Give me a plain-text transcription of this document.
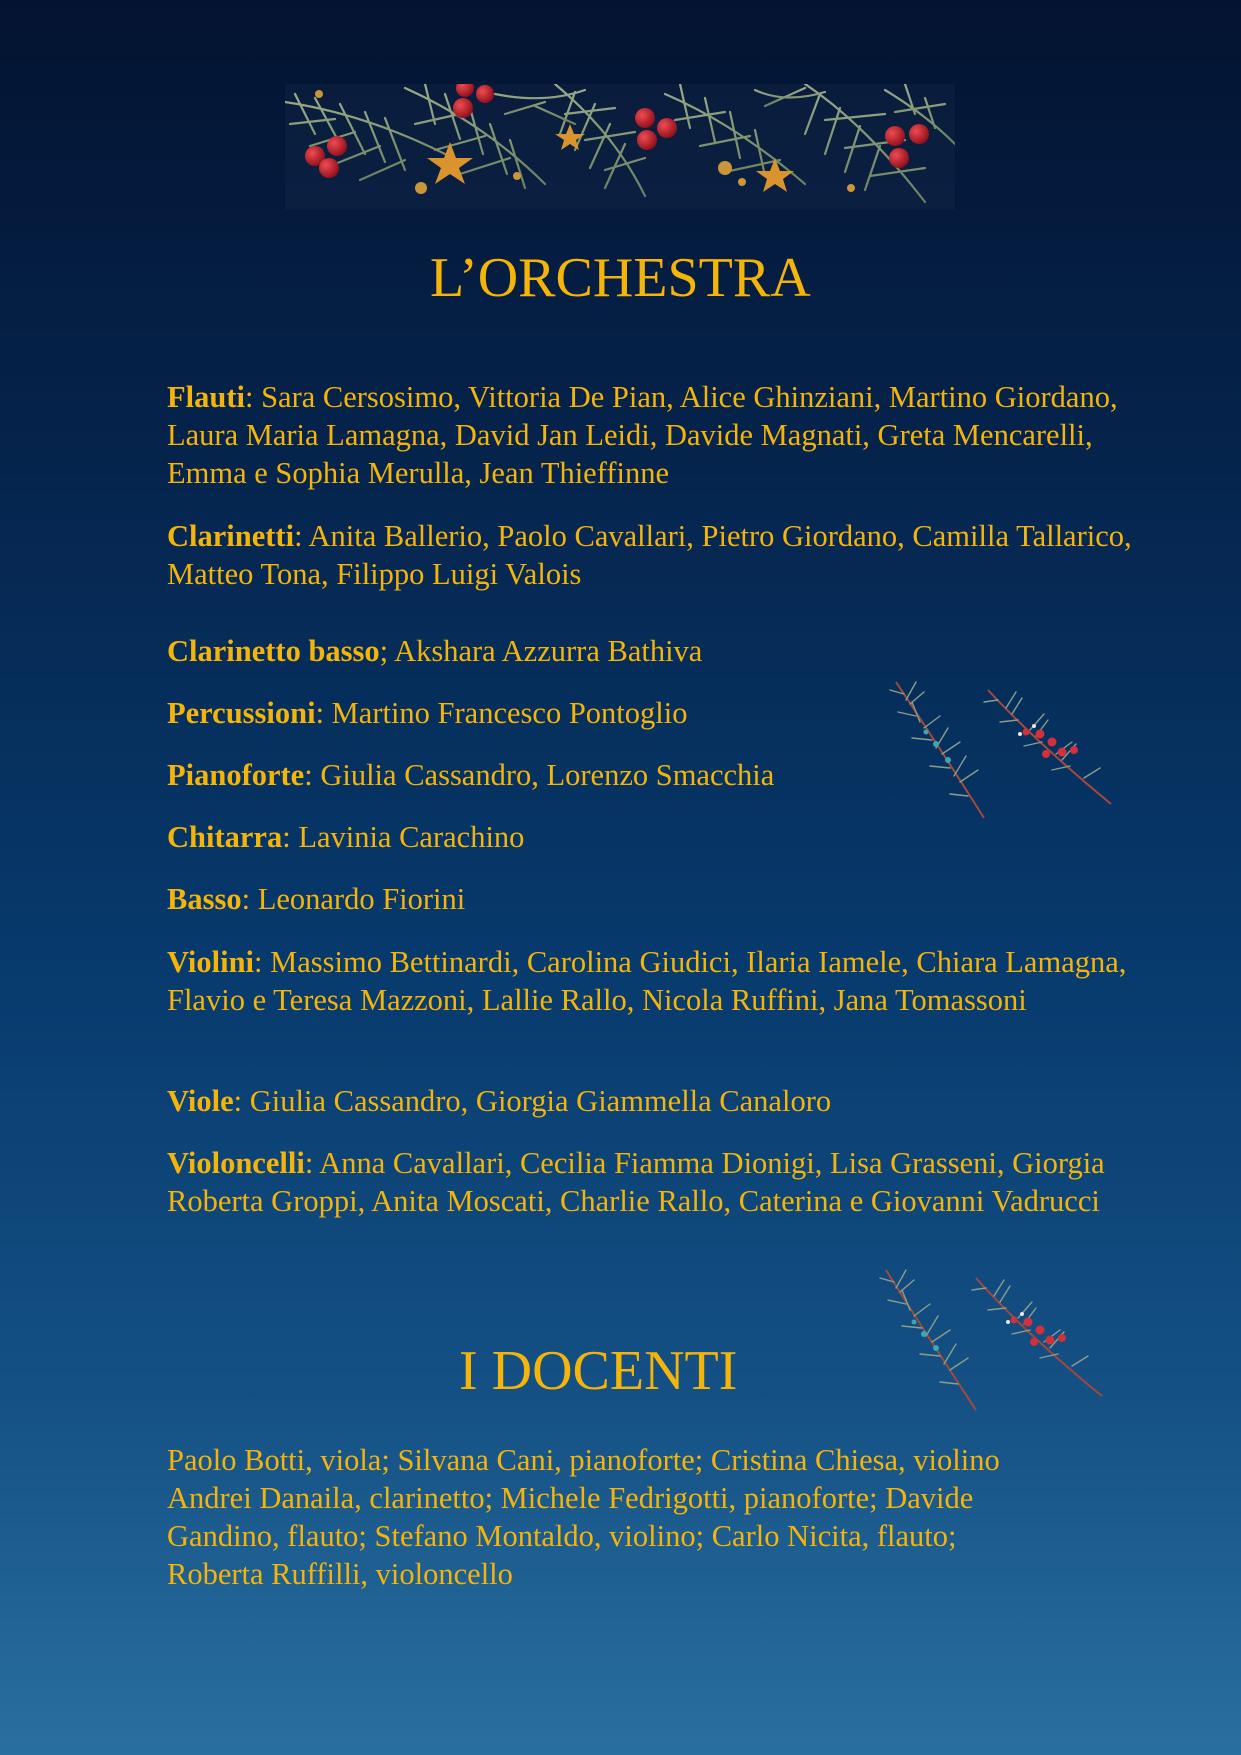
L’ORCHESTRA

Flauti: Sara Cersosimo, Vittoria De Pian, Alice Ghinziani, Martino Giordano, Laura Maria Lamagna, David Jan Leidi, Davide Magnati, Greta Mencarelli, Emma e Sophia Merulla, Jean Thieffinne

Clarinetti: Anita Ballerio, Paolo Cavallari, Pietro Giordano, Camilla Tallarico, Matteo Tona, Filippo Luigi Valois

Clarinetto basso; Akshara Azzurra Bathiva

Percussioni: Martino Francesco Pontoglio

Pianoforte: Giulia Cassandro, Lorenzo Smacchia

Chitarra: Lavinia Carachino

Basso: Leonardo Fiorini

Violini: Massimo Bettinardi, Carolina Giudici, Ilaria Iamele, Chiara Lamagna, Flavio e Teresa Mazzoni, Lallie Rallo, Nicola Ruffini, Jana Tomassoni

Viole: Giulia Cassandro, Giorgia Giammella Canaloro

Violoncelli: Anna Cavallari, Cecilia Fiamma Dionigi, Lisa Grasseni, Giorgia Roberta Groppi, Anita Moscati, Charlie Rallo, Caterina e Giovanni Vadrucci

I DOCENTI
Paolo Botti, viola; Silvana Cani, pianoforte; Cristina Chiesa, violino
Andrei Danaila, clarinetto; Michele Fedrigotti, pianoforte; Davide
Gandino, flauto; Stefano Montaldo, violino; Carlo Nicita, flauto;
Roberta Ruffilli, violoncello
